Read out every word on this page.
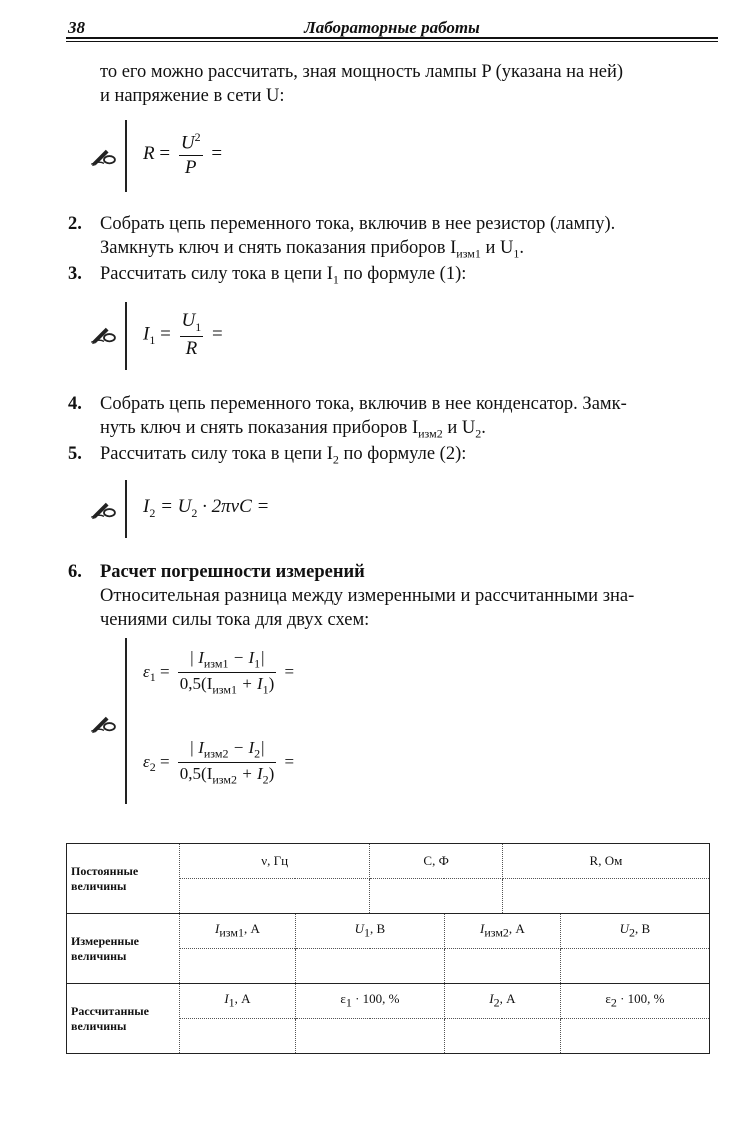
38	Лабораторные работы
то его можно рассчитать, зная мощность лампы P (указана на ней)
и напряжение в сети U:
$R = \frac{U^2}{P}$ =
2. Собрать цепь переменного тока, включив в нее резистор (лампу).
Замкнуть ключ и снять показания приборов $I_{изм1}$ и $U_1$.
3. Рассчитать силу тока в цепи $I_1$ по формуле (1):
$I_1 = \frac{U_1}{R}$ =
4. Собрать цепь переменного тока, включив в нее конденсатор. Замк-
нуть ключ и снять показания приборов $I_{изм2}$ и $U_2$.
5. Рассчитать силу тока в цепи $I_2$ по формуле (2):
$I_2 = U_2 \cdot 2\pi\nu C$ =
6. Расчет погрешности измерений
Относительная разница между измеренными и рассчитанными зна-
чениями силы тока для двух схем:
$\varepsilon_1 = \frac{| I_{изм1} - I_1|}{0,5(I_{изм1} + I_1)}$ =
$\varepsilon_2 = \frac{| I_{изм2} - I_2|}{0,5(I_{изм2} + I_2)}$ =
Постоянные величины	ν, Гц		C, Ф		R, Ом	

Измеренные величины	Iизм1, А	U1, В		Iизм2, А		U2, В

Рассчитанные величины	I1, А	ε1 · 100, %		I2, А		ε2 · 100, %
